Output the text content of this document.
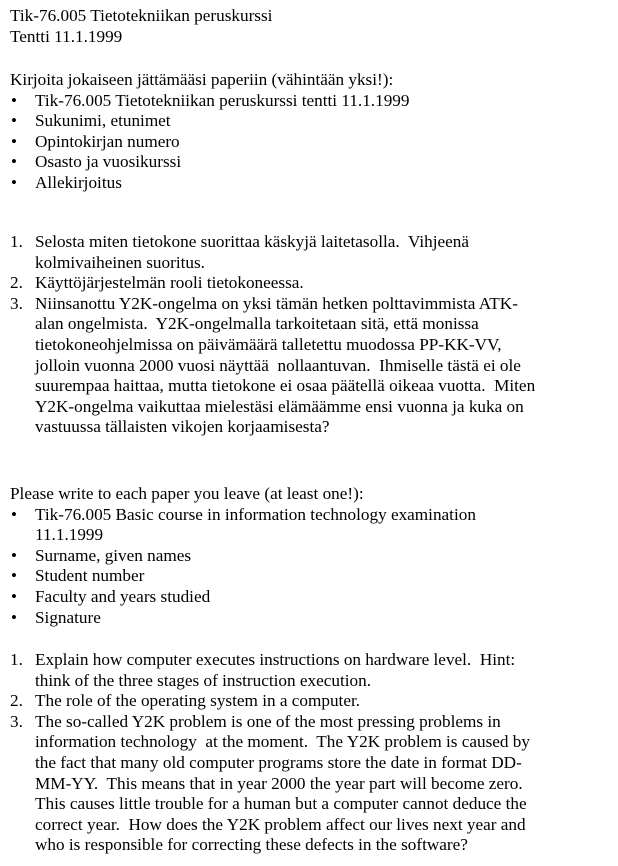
Tik-76.005 Tietotekniikan peruskurssi
Tentti 11.1.1999
Kirjoita jokaiseen jättämääsi paperiin (vähintään yksi!):
• Tik-76.005 Tietotekniikan peruskurssi tentti 11.1.1999
• Sukunimi, etunimet
• Opintokirjan numero
• Osasto ja vuosikurssi
• Allekirjoitus
1. Selosta miten tietokone suorittaa käskyjä laitetasolla.  Vihjeenä
kolmivaiheinen suoritus.
2. Käyttöjärjestelmän rooli tietokoneessa.
3. Niinsanottu Y2K-ongelma on yksi tämän hetken polttavimmista ATK-
alan ongelmista.  Y2K-ongelmalla tarkoitetaan sitä, että monissa
tietokoneohjelmissa on päivämäärä talletettu muodossa PP-KK-VV,
jolloin vuonna 2000 vuosi näyttää  nollaantuvan.  Ihmiselle tästä ei ole
suurempaa haittaa, mutta tietokone ei osaa päätellä oikeaa vuotta.  Miten
Y2K-ongelma vaikuttaa mielestäsi elämäämme ensi vuonna ja kuka on
vastuussa tällaisten vikojen korjaamisesta?
Please write to each paper you leave (at least one!):
• Tik-76.005 Basic course in information technology examination
11.1.1999
• Surname, given names
• Student number
• Faculty and years studied
• Signature
1. Explain how computer executes instructions on hardware level.  Hint:
think of the three stages of instruction execution.
2. The role of the operating system in a computer.
3. The so-called Y2K problem is one of the most pressing problems in
information technology  at the moment.  The Y2K problem is caused by
the fact that many old computer programs store the date in format DD-
MM-YY.  This means that in year 2000 the year part will become zero.
This causes little trouble for a human but a computer cannot deduce the
correct year.  How does the Y2K problem affect our lives next year and
who is responsible for correcting these defects in the software?
